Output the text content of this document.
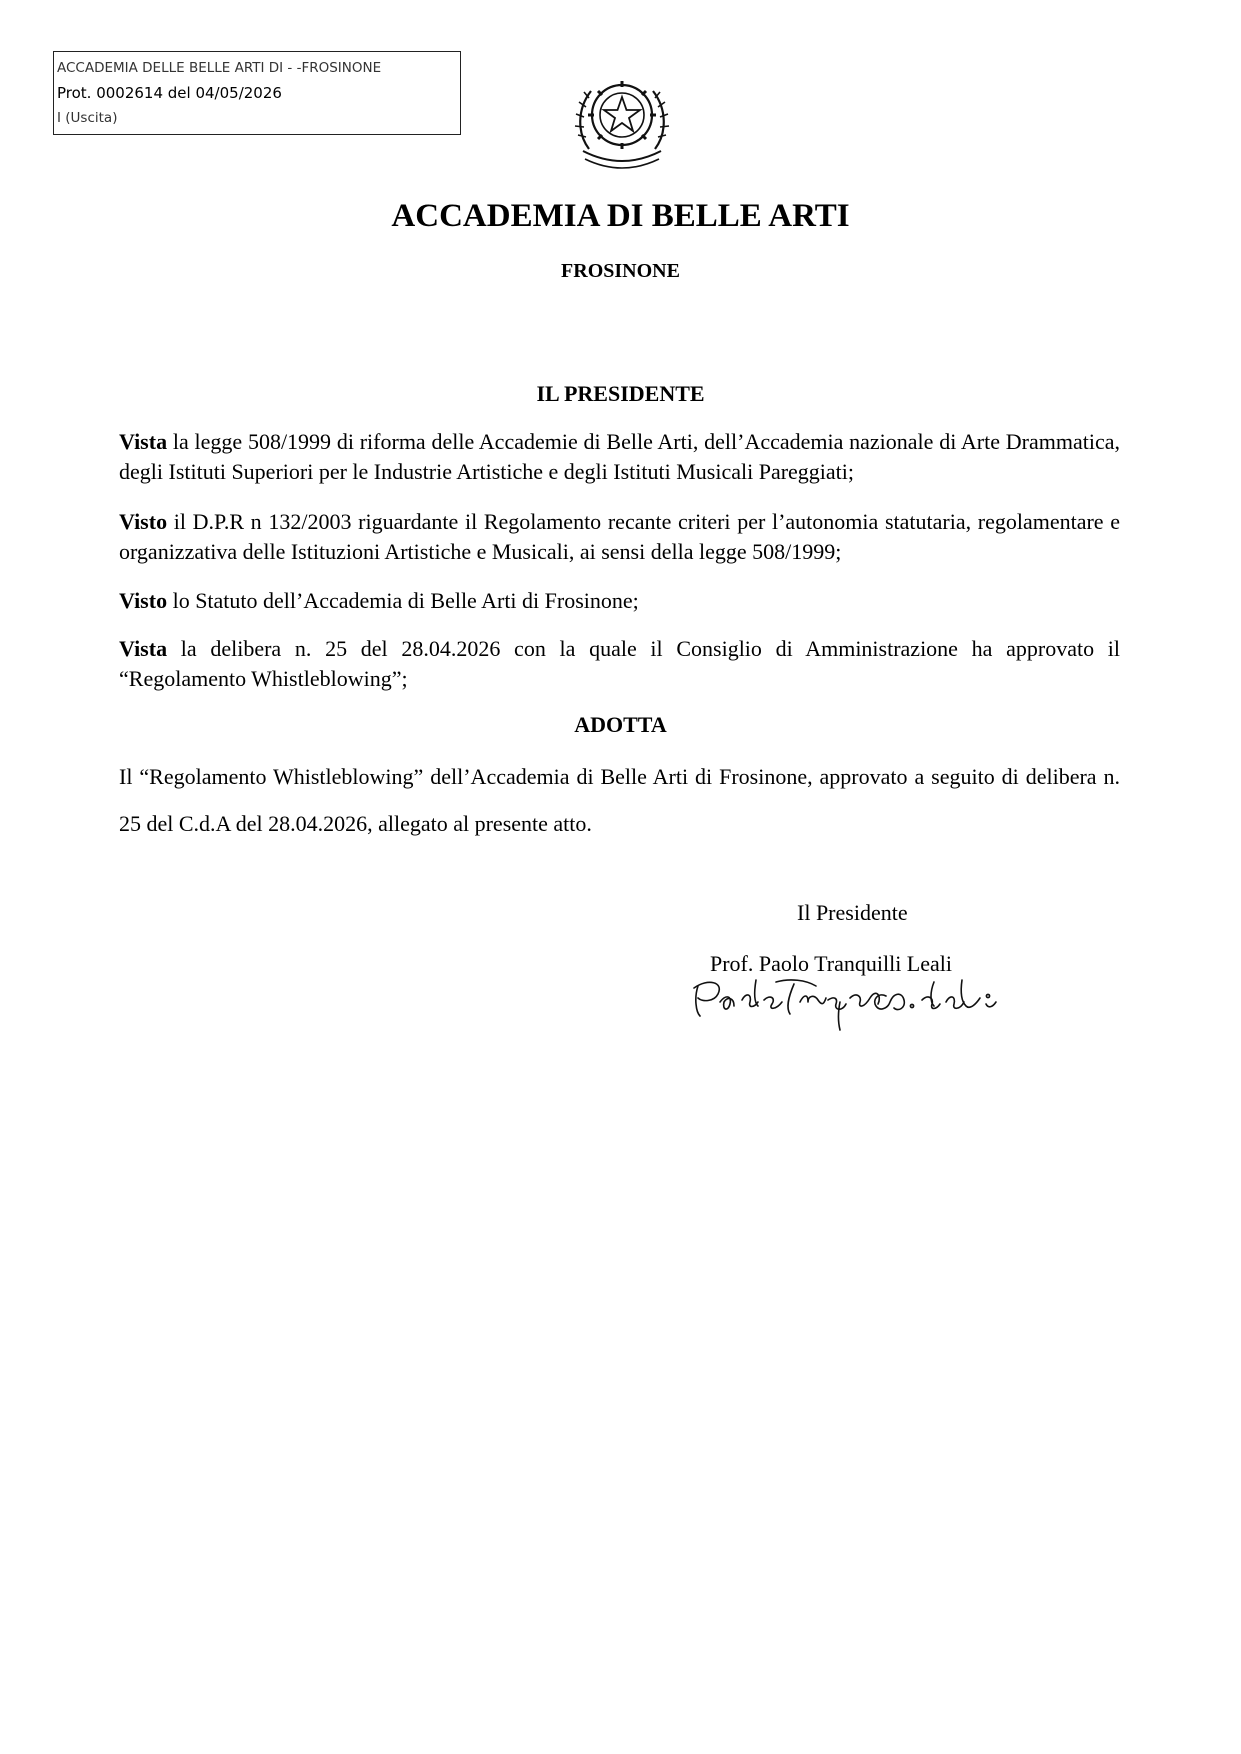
ACCADEMIA DELLE BELLE ARTI DI - -FROSINONE
Prot. 0002614 del 04/05/2026
I (Uscita)
ACCADEMIA DI BELLE ARTI
FROSINONE
IL PRESIDENTE
Vista la legge 508/1999 di riforma delle Accademie di Belle Arti, dell’Accademia nazionale di Arte Drammatica, degli Istituti Superiori per le Industrie Artistiche e degli Istituti Musicali Pareggiati;
Visto il D.P.R n 132/2003 riguardante il Regolamento recante criteri per l’autonomia statutaria, regolamentare e organizzativa delle Istituzioni Artistiche e Musicali, ai sensi della legge 508/1999;
Visto lo Statuto dell’Accademia di Belle Arti di Frosinone;
Vista la delibera n. 25 del 28.04.2026 con la quale il Consiglio di Amministrazione ha approvato il “Regolamento Whistleblowing”;
ADOTTA
Il “Regolamento Whistleblowing” dell’Accademia di Belle Arti di Frosinone, approvato a seguito di delibera n. 25 del C.d.A del 28.04.2026, allegato al presente atto.
Il Presidente
Prof. Paolo Tranquilli Leali
